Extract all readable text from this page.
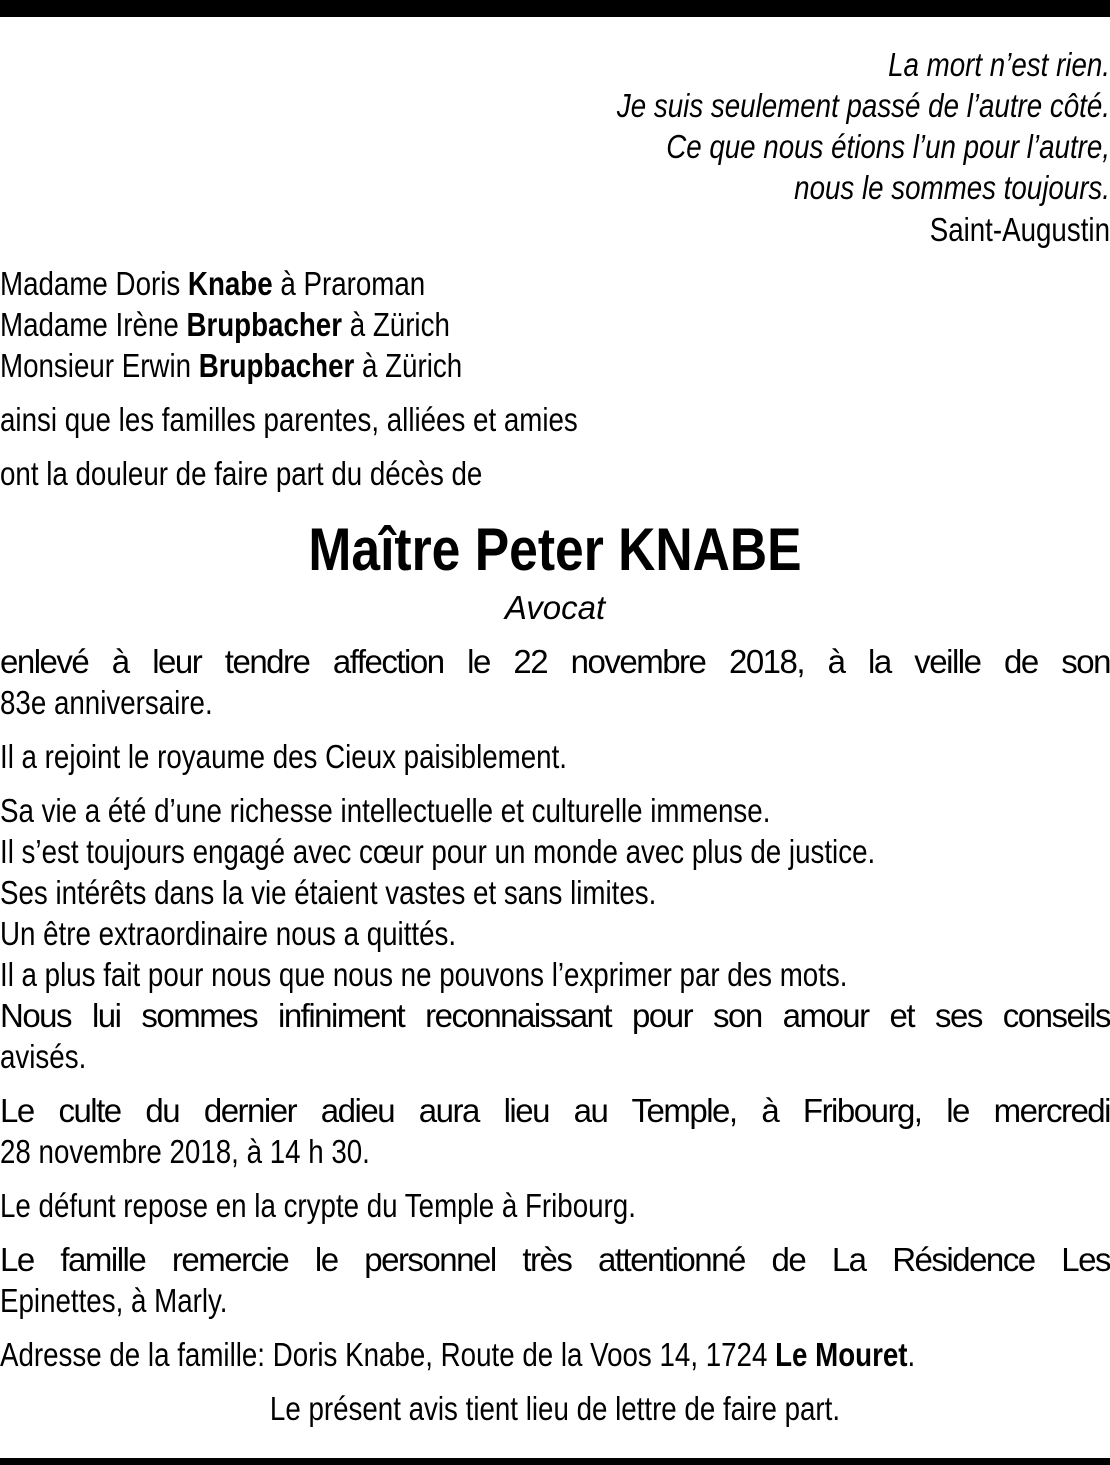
La mort n’est rien.
Je suis seulement passé de l’autre côté.
Ce que nous étions l’un pour l’autre,
nous le sommes toujours.
Saint-Augustin
Madame Doris Knabe à Praroman
Madame Irène Brupbacher à Zürich
Monsieur Erwin Brupbacher à Zürich
ainsi que les familles parentes, alliées et amies
ont la douleur de faire part du décès de
Maître Peter KNABE
Avocat
enlevé à leur tendre affection le 22 novembre 2018, à la veille de son
83e anniversaire.
Il a rejoint le royaume des Cieux paisiblement.
Sa vie a été d’une richesse intellectuelle et culturelle immense.
Il s’est toujours engagé avec cœur pour un monde avec plus de justice.
Ses intérêts dans la vie étaient vastes et sans limites.
Un être extraordinaire nous a quittés.
Il a plus fait pour nous que nous ne pouvons l’exprimer par des mots.
Nous lui sommes infiniment reconnaissant pour son amour et ses conseils
avisés.
Le culte du dernier adieu aura lieu au Temple, à Fribourg, le mercredi
28 novembre 2018, à 14 h 30.
Le défunt repose en la crypte du Temple à Fribourg.
Le famille remercie le personnel très attentionné de La Résidence Les
Epinettes, à Marly.
Adresse de la famille: Doris Knabe, Route de la Voos 14, 1724 Le Mouret.
Le présent avis tient lieu de lettre de faire part.
